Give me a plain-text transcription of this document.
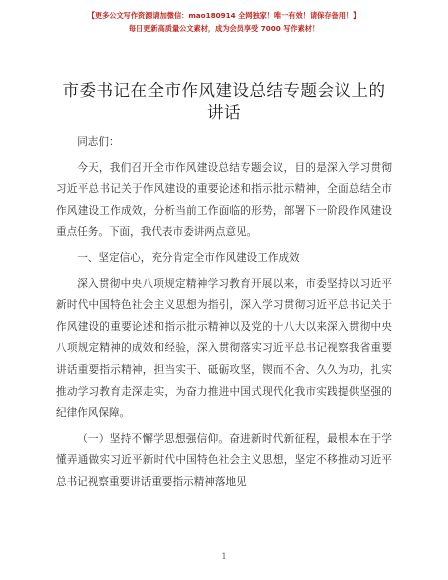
【更多公文写作资源请加微信：mao180914 全网独家！唯一有效！请保存备用！】
每日更新高质量公文素材，成为会员享受 7000 写作素材！
市委书记在全市作风建设总结专题会议上的讲话

同志们：

今天，我们召开全市作风建设总结专题会议，目的是深入学习贯彻习近平总书记关于作风建设的重要论述和指示批示精神，全面总结全市作风建设工作成效，分析当前工作面临的形势，部署下一阶段作风建设重点任务。下面，我代表市委讲两点意见。

一、坚定信心，充分肯定全市作风建设工作成效

深入贯彻中央八项规定精神学习教育开展以来，市委坚持以习近平新时代中国特色社会主义思想为指引，深入学习贯彻习近平总书记关于作风建设的重要论述和指示批示精神以及党的十八大以来深入贯彻中央八项规定精神的成效和经验，深入贯彻落实习近平总书记视察我省重要讲话重要指示精神，担当实干、砥砺攻坚，锲而不舍、久久为功，扎实推动学习教育走深走实，为奋力推进中国式现代化我市实践提供坚强的纪律作风保障。

（一）坚持不懈学思想强信仰。奋进新时代新征程，最根本在于学懂弄通做实习近平新时代中国特色社会主义思想，坚定不移推动习近平总书记视察重要讲话重要指示精神落地见

1
